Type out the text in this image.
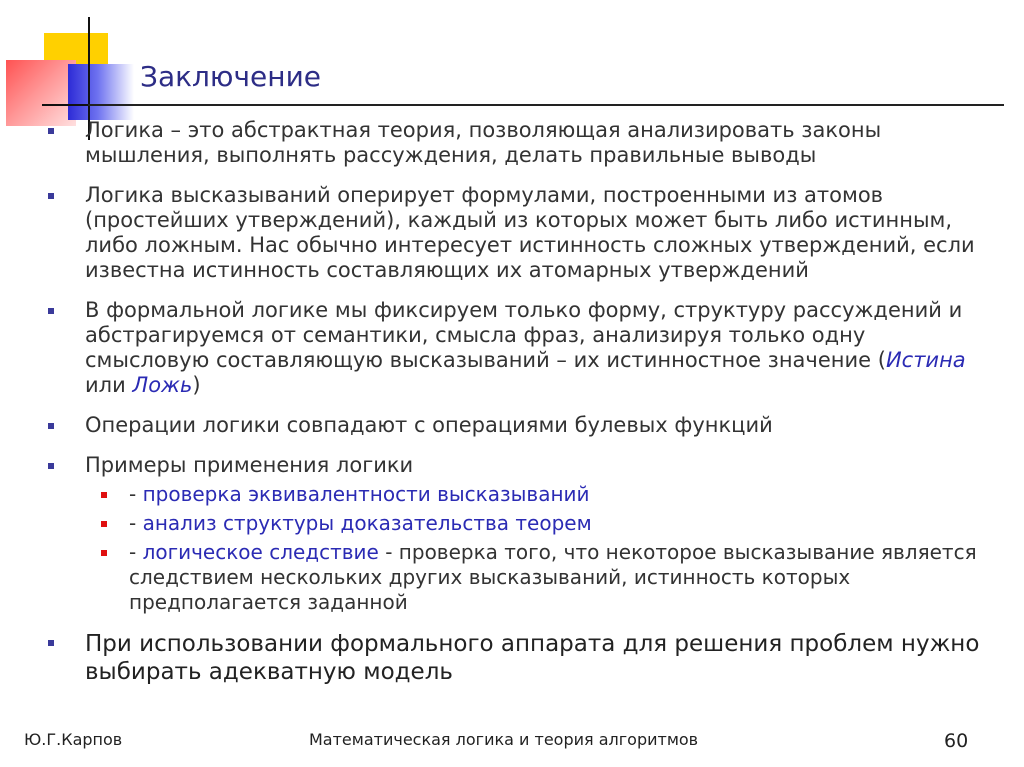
Заключение
Логика – это абстрактная теория, позволяющая анализировать законы мышления, выполнять рассуждения, делать правильные выводы
Логика высказываний оперирует формулами, построенными из атомов (простейших утверждений), каждый из которых может быть либо истинным, либо ложным. Нас обычно интересует истинность сложных утверждений, если известна истинность составляющих их атомарных утверждений
В формальной логике мы фиксируем только форму, структуру рассуждений и абстрагируемся от семантики, смысла фраз, анализируя только одну смысловую составляющую высказываний – их истинностное значение (Истина или Ложь)
Операции логики совпадают с операциями булевых функций
Примеры применения логики
- проверка эквивалентности высказываний
- анализ структуры доказательства теорем
- логическое следствие - проверка того, что некоторое высказывание является следствием нескольких других высказываний, истинность которых предполагается заданной
При использовании формального аппарата для решения проблем нужно выбирать адекватную модель
Ю.Г.Карпов	Математическая логика и теория алгоритмов	60
